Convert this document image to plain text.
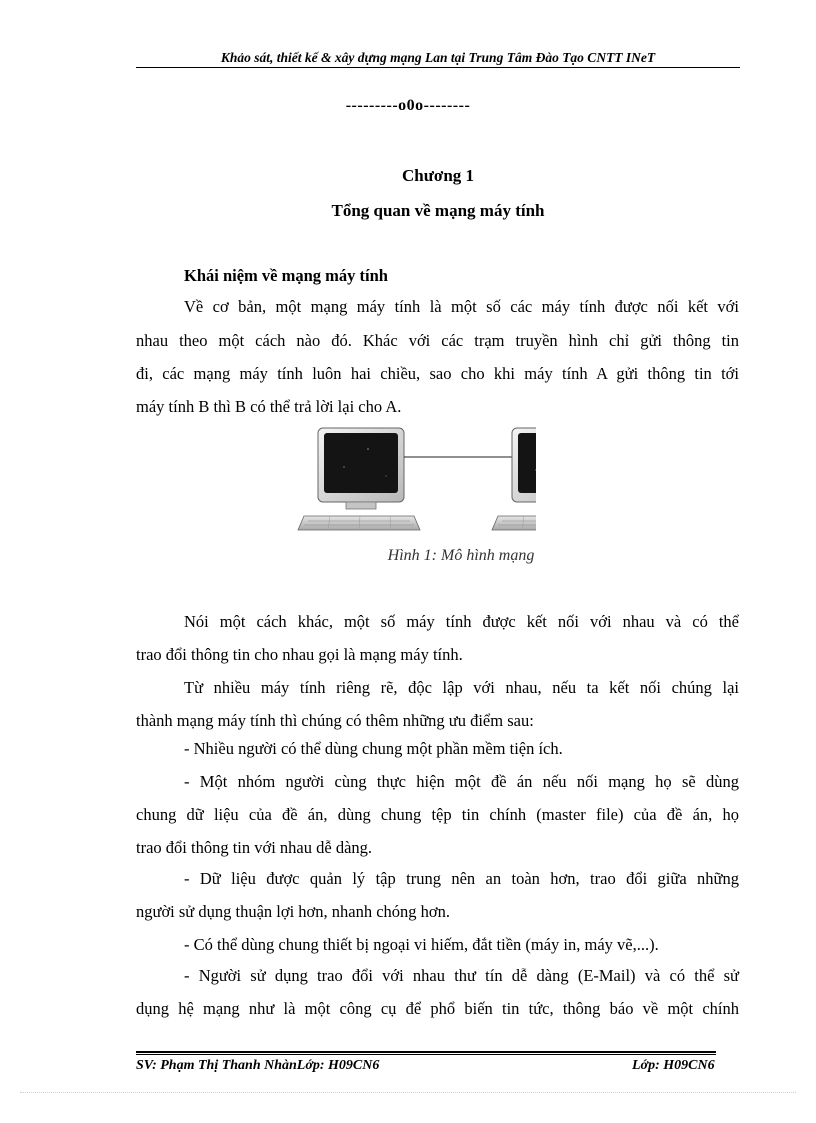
Khảo sát, thiết kế & xây dựng mạng Lan tại Trung Tâm Đào Tạo CNTT INeT
---------o0o--------
Chương 1
Tổng quan về mạng máy tính
Khái niệm về mạng máy tính
Về cơ bản, một mạng máy tính là một số các máy tính được nối kết với
nhau theo một cách nào đó. Khác với các trạm truyền hình chỉ gửi thông tin
đi, các mạng máy tính luôn hai chiều, sao cho khi máy tính A gửi thông tin tới
máy tính B thì B có thể trả lời lại cho A.
Hình 1: Mô hình mạng
Nói một cách khác, một số máy tính được kết nối với nhau và có thể
trao đổi thông tin cho nhau gọi là mạng máy tính.
Từ nhiều máy tính riêng rẽ, độc lập với nhau, nếu ta kết nối chúng lại
thành mạng máy tính thì chúng có thêm những ưu điểm sau:
- Nhiều người có thể dùng chung một phần mềm tiện ích.
- Một nhóm người cùng thực hiện một đề án nếu nối mạng họ sẽ dùng
chung dữ liệu của đề án, dùng chung tệp tin chính (master file) của đề án, họ
trao đổi thông tin với nhau dễ dàng.
- Dữ liệu được quản lý tập trung nên an toàn hơn, trao đổi giữa những
người sử dụng thuận lợi hơn, nhanh chóng hơn.
- Có thể dùng chung thiết bị ngoại vi hiếm, đắt tiền (máy in, máy vẽ,...).
- Người sử dụng trao đổi với nhau thư tín dễ dàng (E-Mail) và có thể sử
dụng hệ mạng như là một công cụ để phổ biến tin tức, thông báo về một chính
SV: Phạm Thị Thanh NhànLớp: H09CN6	Lớp: H09CN6
